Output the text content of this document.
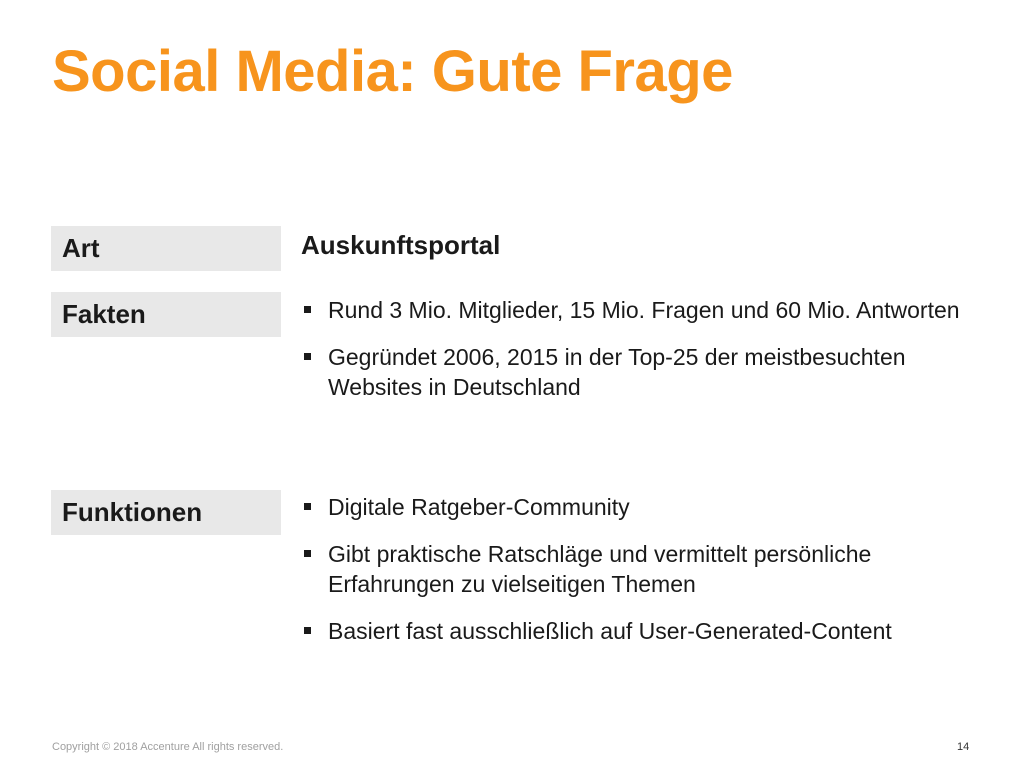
Social Media: Gute Frage
Art	Auskunftsportal
Fakten	Rund 3 Mio. Mitglieder, 15 Mio. Fragen und 60 Mio. Antworten
Gegründet 2006, 2015 in der Top-25 der meistbesuchten Websites in Deutschland
Funktionen	Digitale Ratgeber-Community
Gibt praktische Ratschläge und vermittelt persönliche Erfahrungen zu vielseitigen Themen
Basiert fast ausschließlich auf User-Generated-Content
Copyright © 2018 Accenture All rights reserved.	14
